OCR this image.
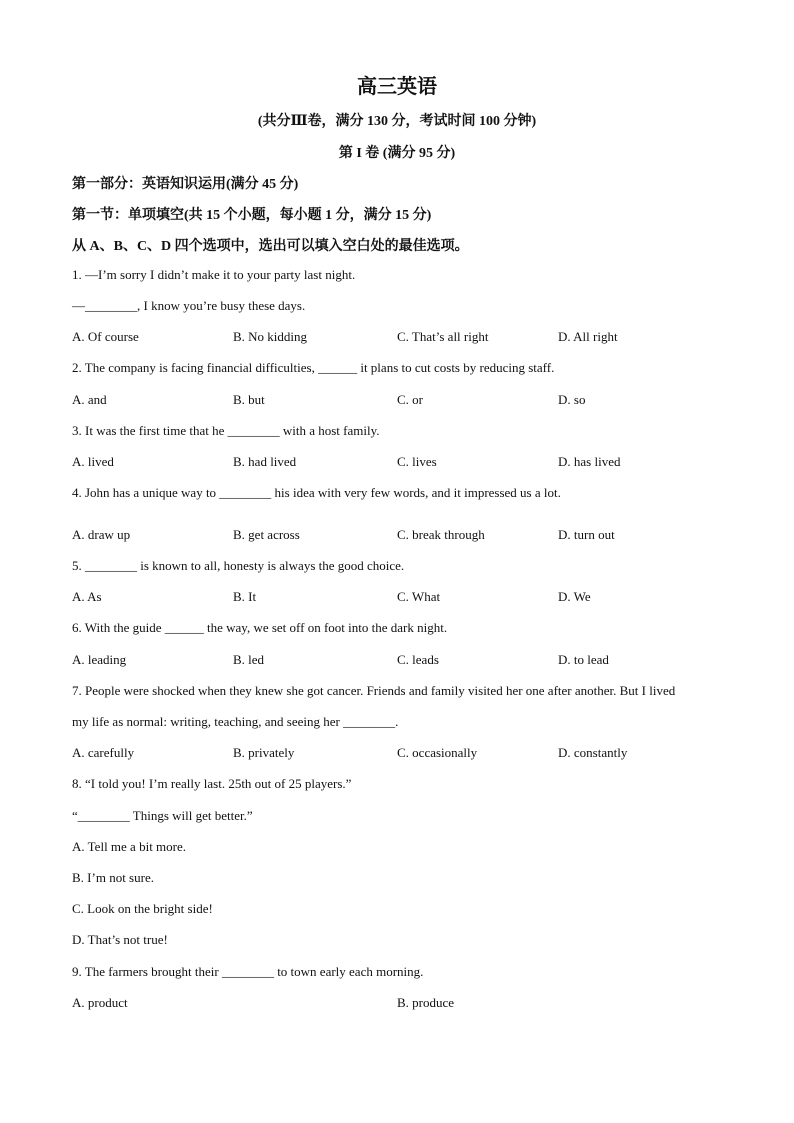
高三英语
(共分Ⅲ卷，满分 130 分，考试时间 100 分钟)
第 I 卷 (满分 95 分)
第一部分：英语知识运用(满分 45 分)
第一节：单项填空(共 15 个小题，每小题 1 分，满分 15 分)
从 A、B、C、D 四个选项中，选出可以填入空白处的最佳选项。
1. —I’m sorry I didn’t make it to your party last night.
—________, I know you’re busy these days.
A. Of course	B. No kidding	C. That’s all right	D. All right
2. The company is facing financial difficulties, ______ it plans to cut costs by reducing staff.
A. and	B. but	C. or	D. so
3. It was the first time that he ________ with a host family.
A. lived	B. had lived	C. lives	D. has lived
4. John has a unique way to ________ his idea with very few words, and it impressed us a lot.
A. draw up	B. get across	C. break through	D. turn out
5. ________ is known to all, honesty is always the good choice.
A. As	B. It	C. What	D. We
6. With the guide ______ the way, we set off on foot into the dark night.
A. leading	B. led	C. leads	D. to lead
7. People were shocked when they knew she got cancer. Friends and family visited her one after another. But I lived
my life as normal: writing, teaching, and seeing her ________.
A. carefully	B. privately	C. occasionally	D. constantly
8. “I told you! I’m really last. 25th out of 25 players.”
“________ Things will get better.”
A. Tell me a bit more.
B. I’m not sure.
C. Look on the bright side!
D. That’s not true!
9. The farmers brought their ________ to town early each morning.
A. product	B. produce
